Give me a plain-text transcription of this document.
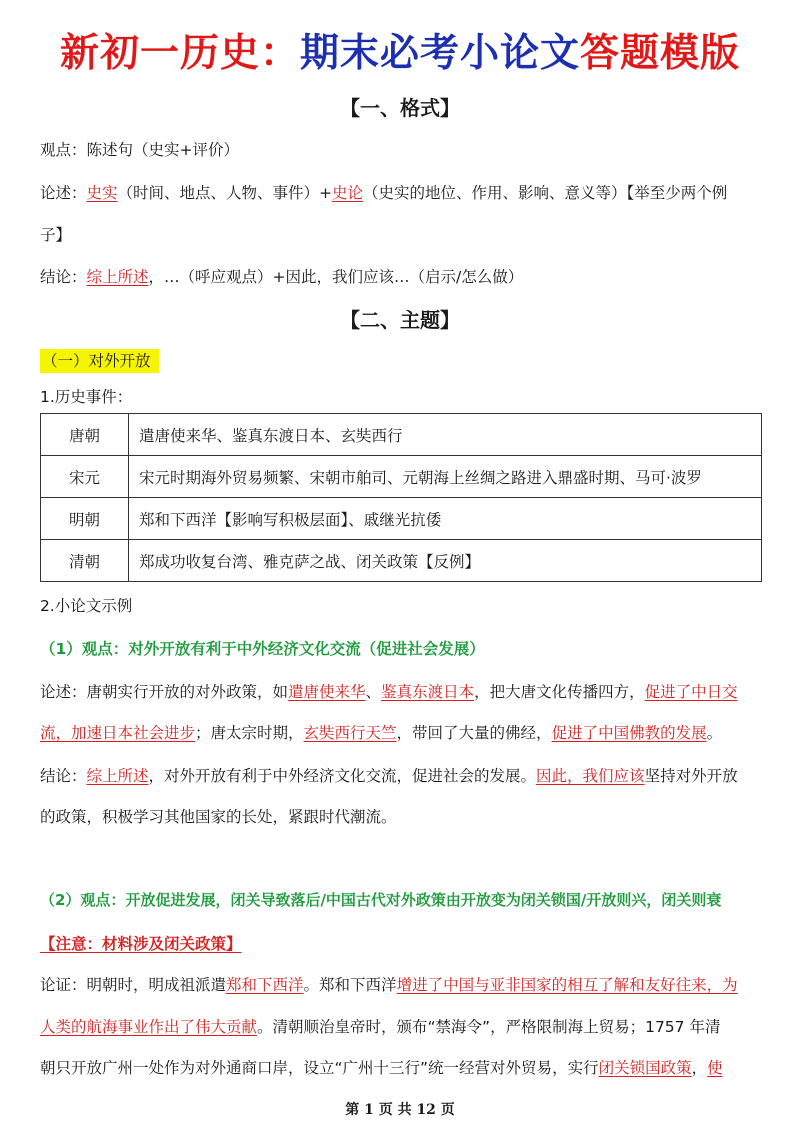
新初一历史：期末必考小论文答题模版
【一、格式】
观点：陈述句（史实+评价）
论述：史实（时间、地点、人物、事件）+史论（史实的地位、作用、影响、意义等）【举至少两个例
子】
结论：综上所述，…（呼应观点）+因此，我们应该…（启示/怎么做）
【二、主题】
（一）对外开放
1.历史事件：
唐朝	遣唐使来华、鉴真东渡日本、玄奘西行
宋元	宋元时期海外贸易频繁、宋朝市舶司、元朝海上丝绸之路进入鼎盛时期、马可·波罗
明朝	郑和下西洋【影响写积极层面】、戚继光抗倭
清朝	郑成功收复台湾、雅克萨之战、闭关政策【反例】
2.小论文示例
（1）观点：对外开放有利于中外经济文化交流（促进社会发展）
论述：唐朝实行开放的对外政策，如遣唐使来华、鉴真东渡日本，把大唐文化传播四方，促进了中日交
流，加速日本社会进步；唐太宗时期，玄奘西行天竺，带回了大量的佛经，促进了中国佛教的发展。
结论：综上所述，对外开放有利于中外经济文化交流，促进社会的发展。因此，我们应该坚持对外开放
的政策，积极学习其他国家的长处，紧跟时代潮流。
（2）观点：开放促进发展，闭关导致落后/中国古代对外政策由开放变为闭关锁国/开放则兴，闭关则衰
【注意：材料涉及闭关政策】
论证：明朝时，明成祖派遣郑和下西洋。郑和下西洋增进了中国与亚非国家的相互了解和友好往来，为
人类的航海事业作出了伟大贡献。清朝顺治皇帝时，颁布“禁海令”，严格限制海上贸易；1757 年清
朝只开放广州一处作为对外通商口岸，设立“广州十三行”统一经营对外贸易，实行闭关锁国政策，使
第 1 页 共 12 页
